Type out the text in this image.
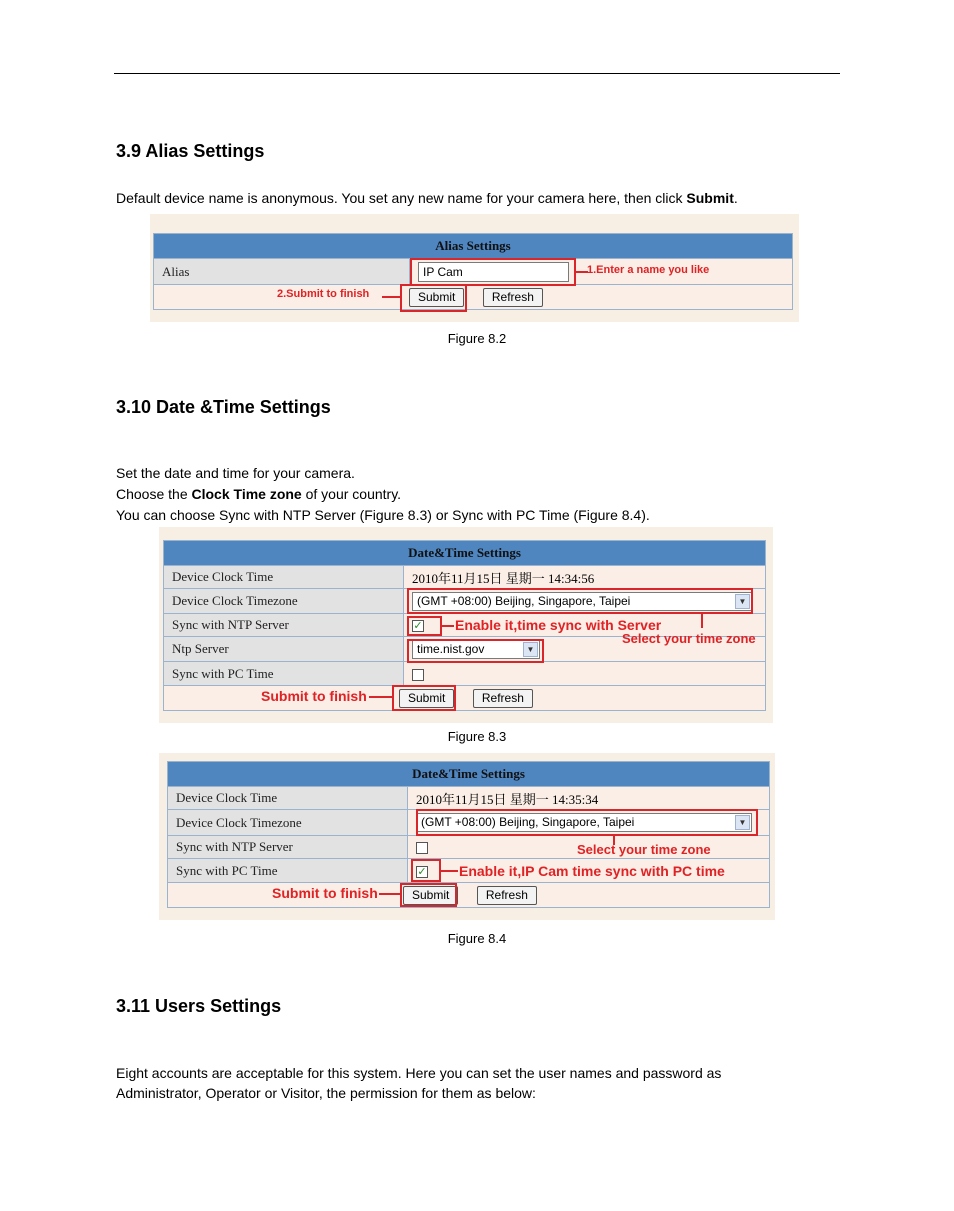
3.9 Alias Settings

Default device name is anonymous. You set any new name for your camera here, then click Submit.

Alias Settings
Alias	IP Cam
Submit	Refresh
1.Enter a name you like
2.Submit to finish
Figure 8.2
3.10 Date &Time Settings

Set the date and time for your camera.

Choose the Clock Time zone of your country.

You can choose Sync with NTP Server (Figure 8.3) or Sync with PC Time (Figure 8.4).

Date&Time Settings	
Device Clock Time	2010年11月15日 星期一 14:34:56
Device Clock Timezone	(GMT +08:00) Beijing, Singapore, Taipei ▼

Sync with NTP Server	✓
Ntp Server	time.nist.gov ▼

Sync with PC Time	
Submit Refresh	
Select your time zone
Enable it,time sync with Server
Submit to finish
Figure 8.3
Date&Time Settings	
Device Clock Time	2010年11月15日 星期一 14:35:34
Device Clock Timezone	(GMT +08:00) Beijing, Singapore, Taipei ▼

Sync with NTP Server	
Sync with PC Time	✓
Submit Refresh	
Select your time zone
Enable it,IP Cam time sync with PC time
Submit to finish
Figure 8.4
3.11 Users Settings

Eight accounts are acceptable for this system. Here you can set the user names and password as

Administrator, Operator or Visitor, the permission for them as below:
